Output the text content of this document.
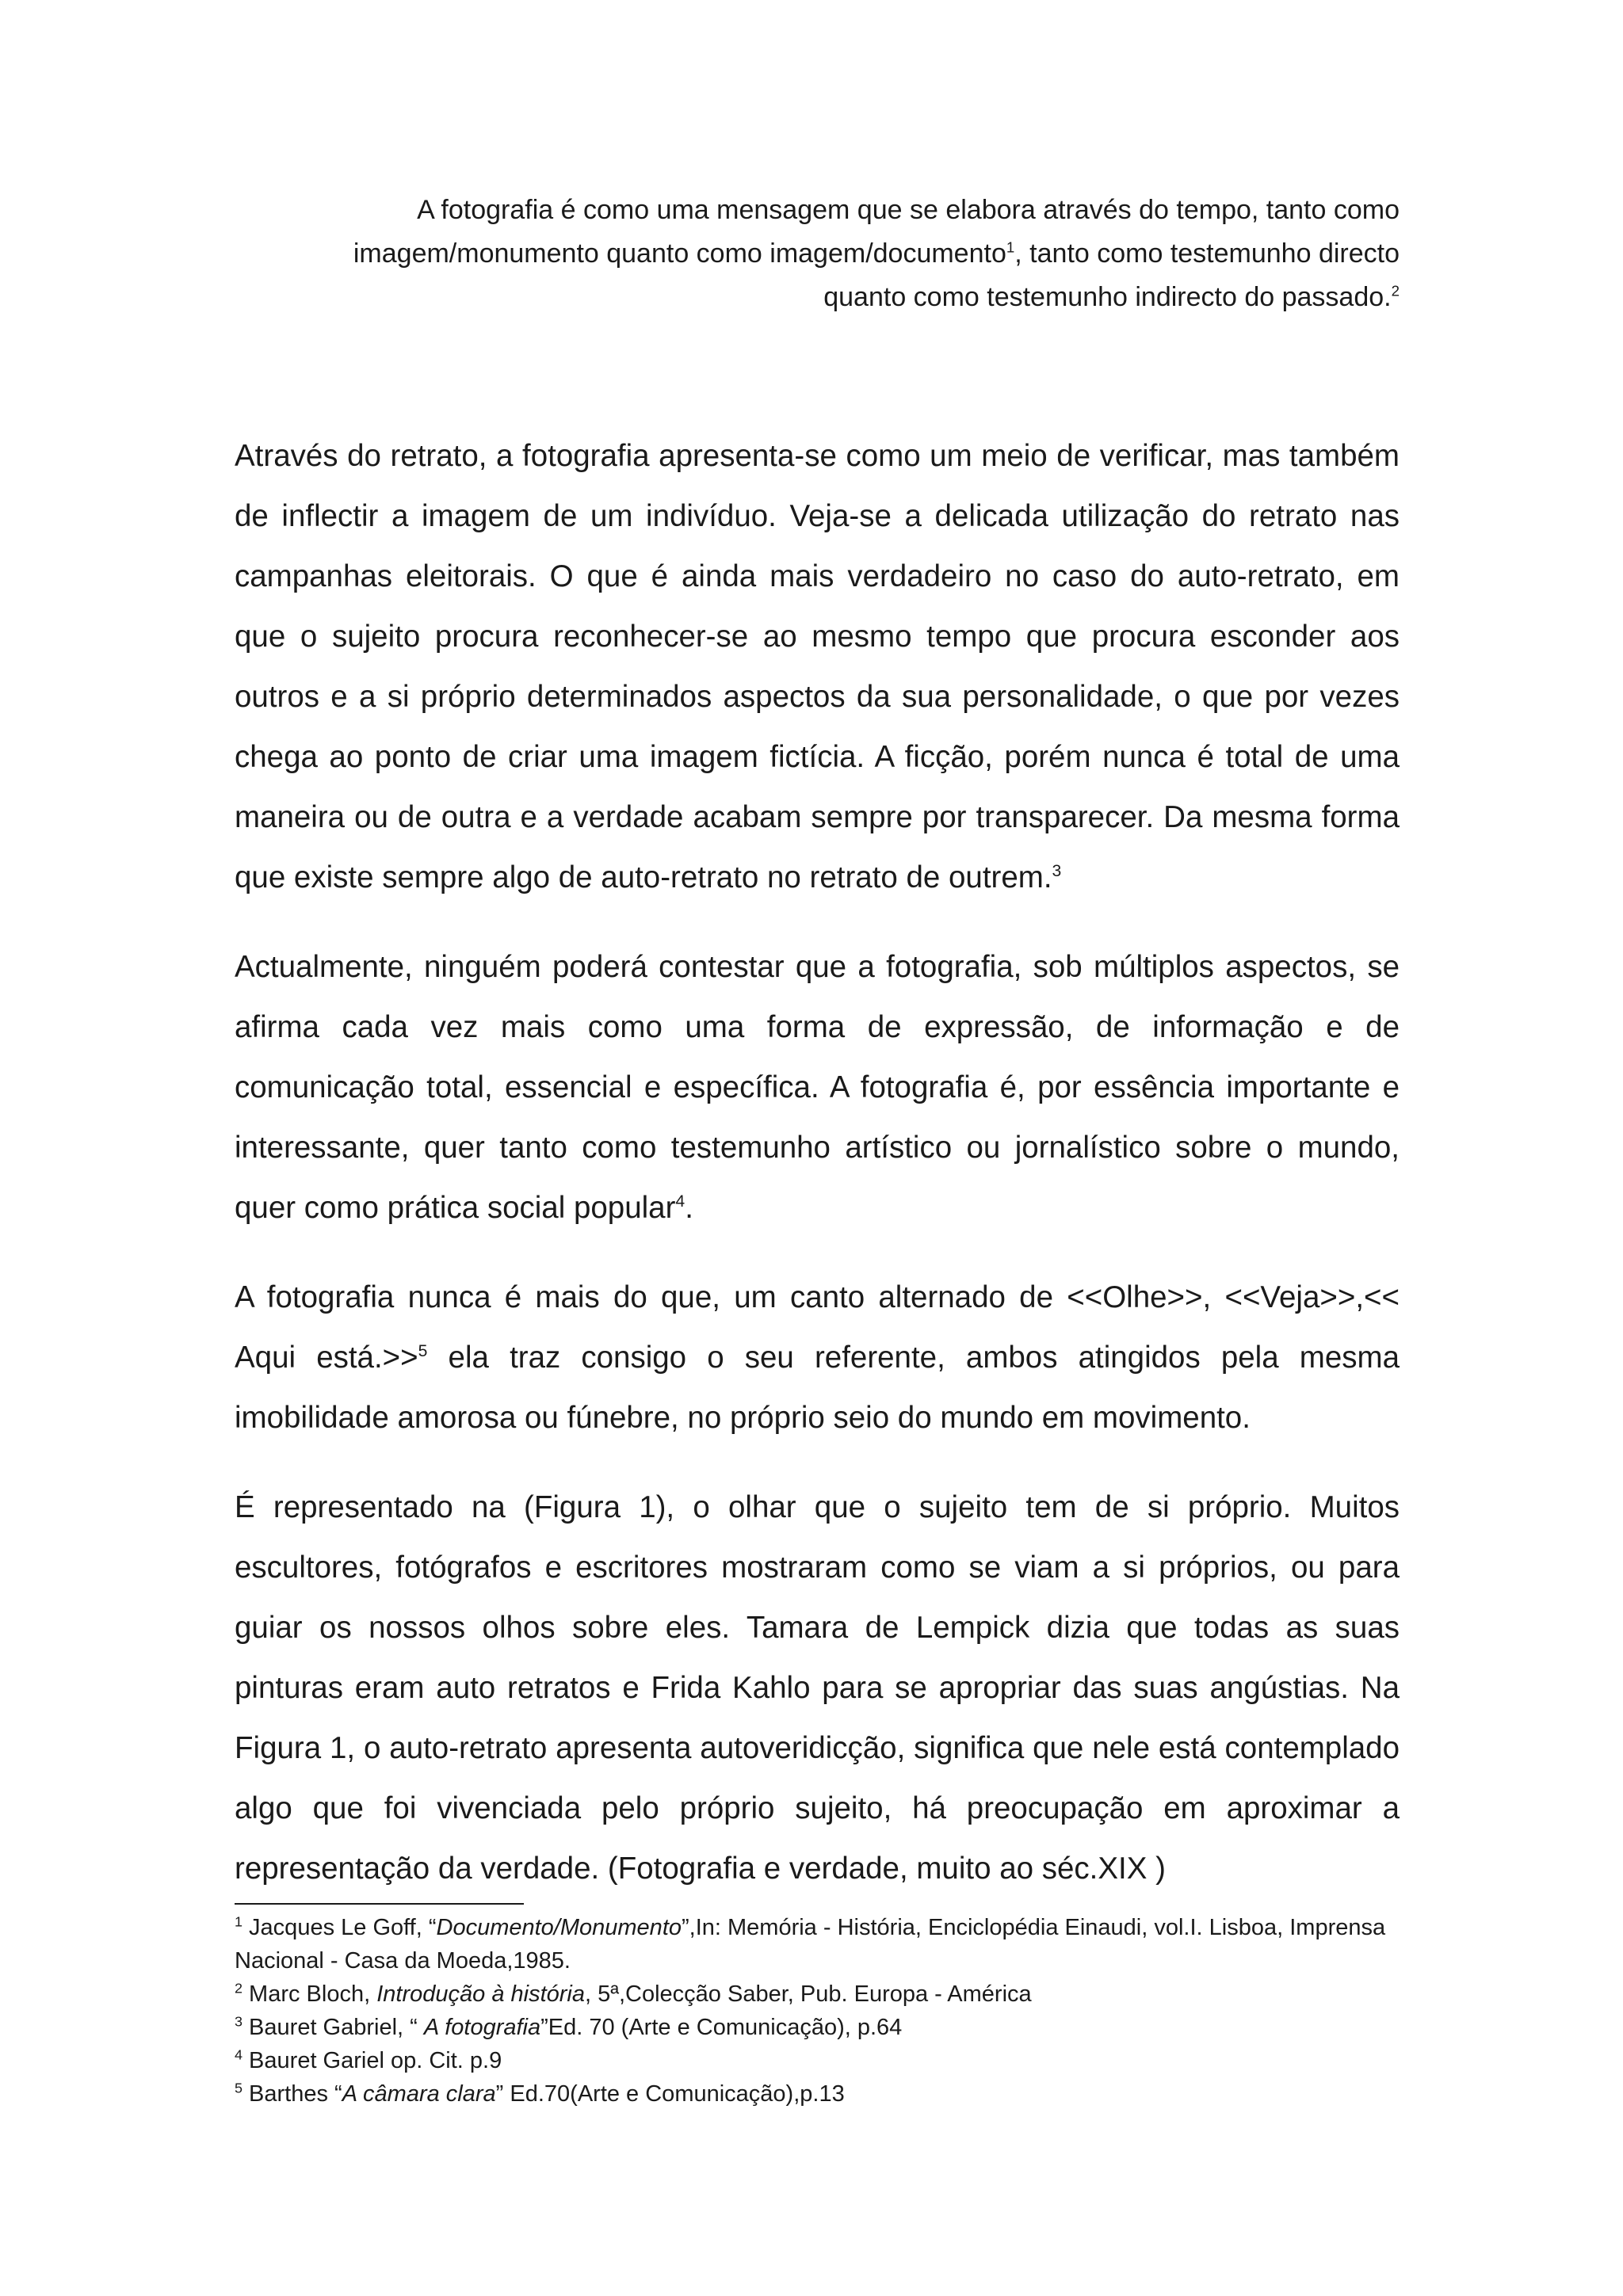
A fotografia é como uma mensagem que se elabora através do tempo, tanto como

imagem/monumento quanto como imagem/documento$^1$, tanto como testemunho directo

quanto como testemunho indirecto do passado.$^2$

Através do retrato, a fotografia apresenta-se como um meio de verificar, mas também de inflectir a imagem de um indivíduo. Veja-se a delicada utilização do retrato nas campanhas eleitorais. O que é ainda mais verdadeiro no caso do auto-retrato, em que o sujeito procura reconhecer-se ao mesmo tempo que procura esconder aos outros e a si próprio determinados aspectos da sua personalidade, o que por vezes chega ao ponto de criar uma imagem fictícia. A ficção, porém nunca é total de uma maneira ou de outra e a verdade acabam sempre por transparecer. Da mesma forma que existe sempre algo de auto-retrato no retrato de outrem.$^3$

Actualmente, ninguém poderá contestar que a fotografia, sob múltiplos aspectos, se afirma cada vez mais como uma forma de expressão, de informação e de comunicação total, essencial e específica. A fotografia é, por essência importante e interessante, quer tanto como testemunho artístico ou jornalístico sobre o mundo, quer como prática social popular$^4$.

A fotografia nunca é mais do que, um canto alternado de <<Olhe>>, <<Veja>>,<< Aqui está.>>$^5$ ela traz consigo o seu referente, ambos atingidos pela mesma imobilidade amorosa ou fúnebre, no próprio seio do mundo em movimento.

É representado na (Figura 1), o olhar que o sujeito tem de si próprio. Muitos escultores, fotógrafos e escritores mostraram como se viam a si próprios, ou para guiar os nossos olhos sobre eles. Tamara de Lempick dizia que todas as suas pinturas eram auto retratos e Frida Kahlo para se apropriar das suas angústias. Na Figura 1, o auto-retrato apresenta autoveridicção, significa que nele está contemplado algo que foi vivenciada pelo próprio sujeito, há preocupação em aproximar a representação da verdade. (Fotografia e verdade, muito ao séc.XIX )

$^1$ Jacques Le Goff, “Documento/Monumento”,In: Memória - História, Enciclopédia Einaudi, vol.I. Lisboa, Imprensa Nacional - Casa da Moeda,1985.

$^2$ Marc Bloch, Introdução à história, 5ª,Colecção Saber, Pub. Europa - América

$^3$ Bauret Gabriel, “ A fotografia”Ed. 70 (Arte e Comunicação), p.64

$^4$ Bauret Gariel op. Cit. p.9

$^5$ Barthes “A câmara clara” Ed.70(Arte e Comunicação),p.13
